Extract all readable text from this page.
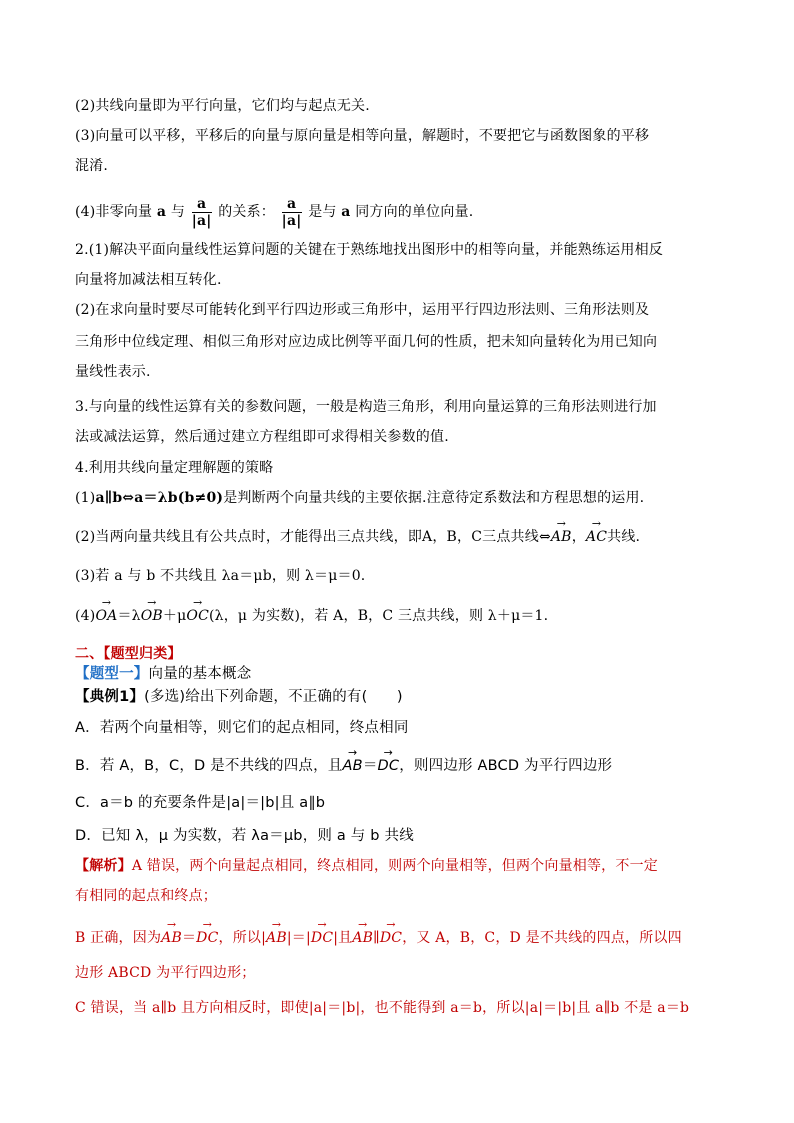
(2)共线向量即为平行向量，它们均与起点无关.
(3)向量可以平移，平移后的向量与原向量是相等向量，解题时，不要把它与函数图象的平移
混淆.
(4)非零向量 a 与 $\frac{a}{|a|}$ 的关系： $\frac{a}{|a|}$ 是与 a 同方向的单位向量.
2.(1)解决平面向量线性运算问题的关键在于熟练地找出图形中的相等向量，并能熟练运用相反
向量将加减法相互转化.
(2)在求向量时要尽可能转化到平行四边形或三角形中，运用平行四边形法则、三角形法则及
三角形中位线定理、相似三角形对应边成比例等平面几何的性质，把未知向量转化为用已知向
量线性表示.
3.与向量的线性运算有关的参数问题，一般是构造三角形，利用向量运算的三角形法则进行加
法或减法运算，然后通过建立方程组即可求得相关参数的值.
4.利用共线向量定理解题的策略
(1)a∥b⇔a＝λb(b≠0)是判断两个向量共线的主要依据.注意待定系数法和方程思想的运用.
(2)当两向量共线且有公共点时，才能得出三点共线，即A，B，C三点共线⇔→ AB，→ AC共线.
(3)若 a 与 b 不共线且 λa＝μb，则 λ＝μ＝0.
(4)→ OA＝λ→ OB＋μ→ OC(λ，μ 为实数)，若 A，B，C 三点共线，则 λ＋μ＝1.
二、【题型归类】
【题型一】向量的基本概念
【典例1】(多选)给出下列命题，不正确的有(　　)
A．若两个向量相等，则它们的起点相同，终点相同
B．若 A，B，C，D 是不共线的四点，且→ AB＝→ DC，则四边形 ABCD 为平行四边形
C．a＝b 的充要条件是|a|＝|b|且 a∥b
D．已知 λ，μ 为实数，若 λa＝μb，则 a 与 b 共线
【解析】A 错误，两个向量起点相同，终点相同，则两个向量相等，但两个向量相等，不一定
有相同的起点和终点；
B 正确，因为→ AB＝→ DC，所以|→ AB|＝|→ DC|且→ AB∥→ DC，又 A，B，C，D 是不共线的四点，所以四
边形 ABCD 为平行四边形；
C 错误，当 a∥b 且方向相反时，即使|a|＝|b|，也不能得到 a＝b，所以|a|＝|b|且 a∥b 不是 a＝b
